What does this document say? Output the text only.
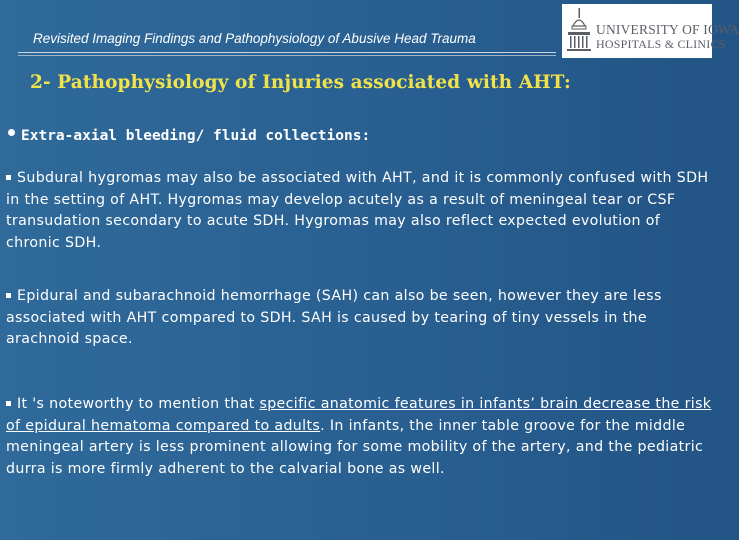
Revisited Imaging Findings and Pathophysiology of Abusive Head Trauma
UNIVERSITY OF IOWA
HOSPITALS & CLINICS
2- Pathophysiology of Injuries associated with AHT:
Extra-axial bleeding/ fluid collections:
Subdural hygromas may also be associated with AHT, and it is commonly confused with SDH in the setting of AHT. Hygromas may develop acutely as a result of meningeal tear or CSF transudation secondary to acute SDH. Hygromas may also reflect expected evolution of chronic SDH.
Epidural and subarachnoid hemorrhage (SAH) can also be seen, however they are less associated with AHT compared to SDH. SAH is caused by tearing of tiny vessels in the arachnoid space.
It 's noteworthy to mention that specific anatomic features in infants’ brain decrease the risk of epidural hematoma compared to adults. In infants, the inner table groove for the middle meningeal artery is less prominent allowing for some mobility of the artery, and the pediatric durra is more firmly adherent to the calvarial bone as well.
